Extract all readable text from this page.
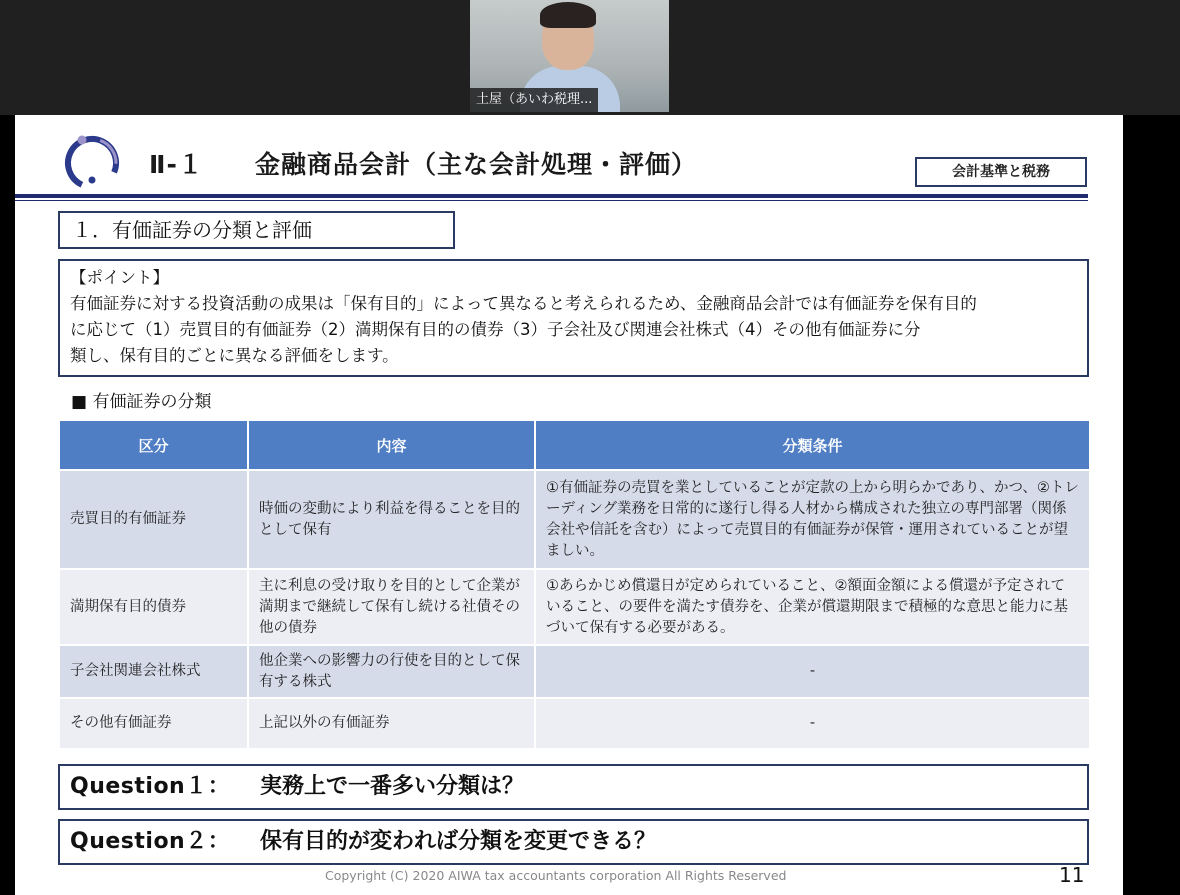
土屋（あいわ税理...
Ⅱ-１ 金融商品会計（主な会計処理・評価）	会計基準と税務
１．有価証券の分類と評価
【ポイント】
有価証券に対する投資活動の成果は「保有目的」によって異なると考えられるため、金融商品会計では有価証券を保有目的
に応じて（1）売買目的有価証券（2）満期保有目的の債券（3）子会社及び関連会社株式（4）その他有価証券に分
類し、保有目的ごとに異なる評価をします。
■ 有価証券の分類
区分	内容	分類条件
売買目的有価証券	時価の変動により利益を得ることを目的として保有	①有価証券の売買を業としていることが定款の上から明らかであり、かつ、②トレーディング業務を日常的に遂行し得る人材から構成された独立の専門部署（関係会社や信託を含む）によって売買目的有価証券が保管・運用されていることが望ましい。
満期保有目的債券	主に利息の受け取りを目的として企業が満期まで継続して保有し続ける社債その他の債券	①あらかじめ償還日が定められていること、②額面金額による償還が予定されていること、の要件を満たす債券を、企業が償還期限まで積極的な意思と能力に基づいて保有する必要がある。
子会社関連会社株式	他企業への影響力の行使を目的として保有する株式	-
その他有価証券	上記以外の有価証券	-
Question１： 実務上で一番多い分類は？
Question２： 保有目的が変われば分類を変更できる？
Copyright (C) 2020 AIWA tax accountants corporation All Rights Reserved	11
